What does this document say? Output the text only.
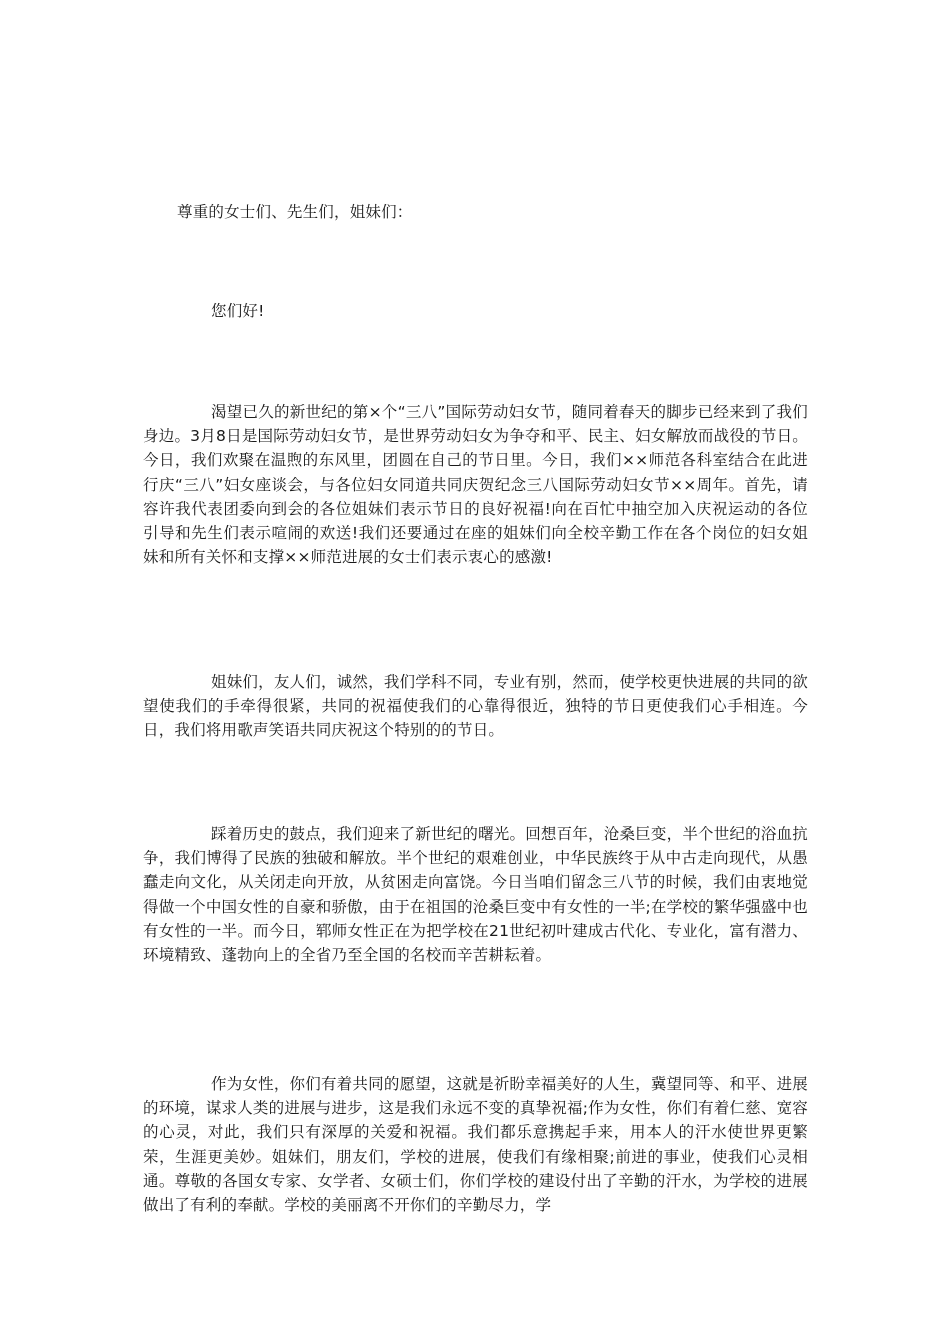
尊重的女士们、先生们，姐妹们：

您们好!

渴望已久的新世纪的第×个“三八”国际劳动妇女节，随同着春天的脚步已经来到了我们身边。3月8日是国际劳动妇女节，是世界劳动妇女为争夺和平、民主、妇女解放而战役的节日。今日，我们欢聚在温煦的东风里，团圆在自己的节日里。今日，我们××师范各科室结合在此进行庆“三八”妇女座谈会，与各位妇女同道共同庆贺纪念三八国际劳动妇女节××周年。首先，请容许我代表团委向到会的各位姐妹们表示节日的良好祝福!向在百忙中抽空加入庆祝运动的各位引导和先生们表示喧闹的欢送!我们还要通过在座的姐妹们向全校辛勤工作在各个岗位的妇女姐妹和所有关怀和支撑××师范进展的女士们表示衷心的感激!

姐妹们，友人们，诚然，我们学科不同，专业有别，然而，使学校更快进展的共同的欲望使我们的手牵得很紧，共同的祝福使我们的心靠得很近，独特的节日更使我们心手相连。今日，我们将用歌声笑语共同庆祝这个特别的的节日。

踩着历史的鼓点，我们迎来了新世纪的曙光。回想百年，沧桑巨变，半个世纪的浴血抗争，我们博得了民族的独破和解放。半个世纪的艰难创业，中华民族终于从中古走向现代，从愚蠢走向文化，从关闭走向开放，从贫困走向富饶。今日当咱们留念三八节的时候，我们由衷地觉得做一个中国女性的自豪和骄傲，由于在祖国的沧桑巨变中有女性的一半;在学校的繁华强盛中也有女性的一半。而今日，郓师女性正在为把学校在21世纪初叶建成古代化、专业化，富有潜力、环境精致、蓬勃向上的全省乃至全国的名校而辛苦耕耘着。

作为女性，你们有着共同的愿望，这就是祈盼幸福美好的人生，冀望同等、和平、进展的环境，谋求人类的进展与进步，这是我们永远不变的真挚祝福;作为女性，你们有着仁慈、宽容的心灵，对此，我们只有深厚的关爱和祝福。我们都乐意携起手来，用本人的汗水使世界更繁荣，生涯更美妙。姐妹们，朋友们，学校的进展，使我们有缘相聚;前进的事业，使我们心灵相通。尊敬的各国女专家、女学者、女硕士们，你们学校的建设付出了辛勤的汗水，为学校的进展做出了有利的奉献。学校的美丽离不开你们的辛勤尽力，学
